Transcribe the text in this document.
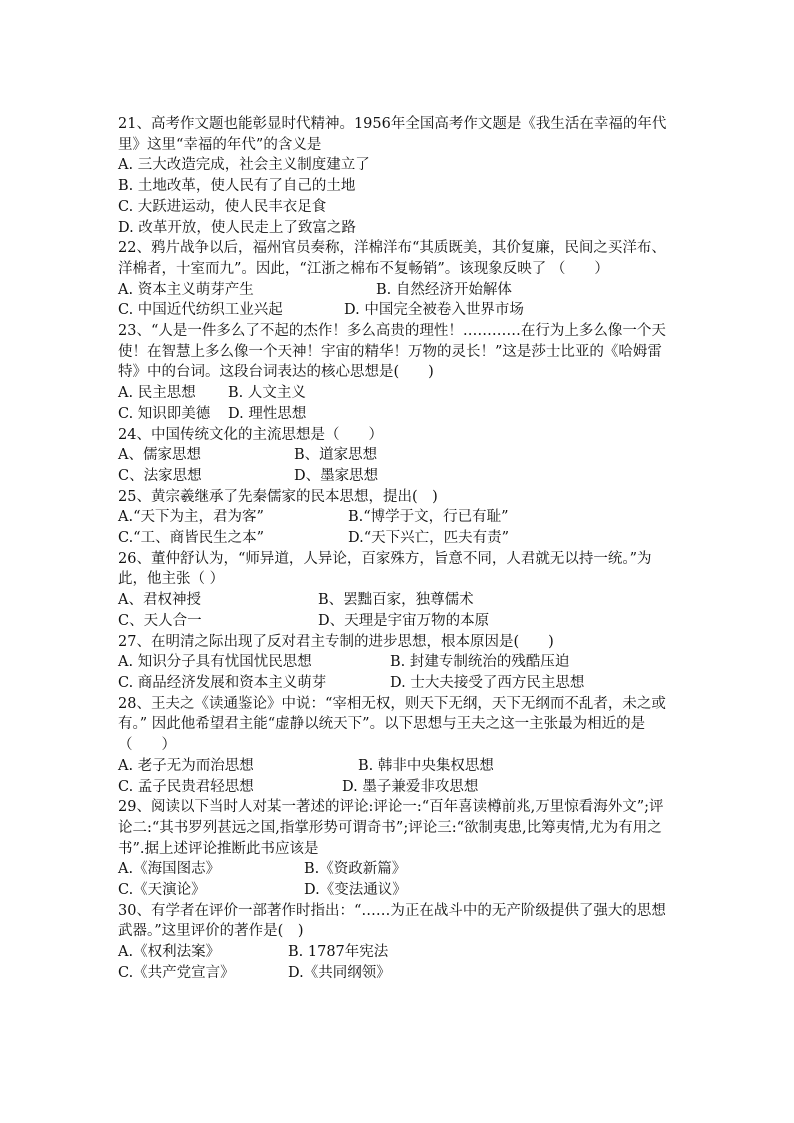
21、高考作文题也能彰显时代精神。1956年全国高考作文题是《我生活在幸福的年代里》这里“幸福的年代”的含义是
A. 三大改造完成，社会主义制度建立了
B. 土地改革，使人民有了自己的土地
C. 大跃进运动，使人民丰衣足食
D. 改革开放，使人民走上了致富之路
22、鸦片战争以后，福州官员奏称，洋棉洋布“其质既美，其价复廉，民间之买洋布、洋棉者，十室而九”。因此，“江浙之棉布不复畅销”。该现象反映了 （　　）
A. 资本主义萌芽产生	B. 自然经济开始解体
C. 中国近代纺织工业兴起	D. 中国完全被卷入世界市场
23、“人是一件多么了不起的杰作！多么高贵的理性！…………在行为上多么像一个天使！在智慧上多么像一个天神！宇宙的精华！万物的灵长！”这是莎士比亚的《哈姆雷特》中的台词。这段台词表达的核心思想是(　　)
A. 民主思想 B. 人文主义
C. 知识即美德 D. 理性思想
24、中国传统文化的主流思想是（　　）
A、儒家思想	B、道家思想
C、法家思想	D、墨家思想
25、黄宗羲继承了先秦儒家的民本思想，提出(　)
A.“天下为主，君为客”	B.“博学于文，行已有耻”
C.“工、商皆民生之本”	D.“天下兴亡，匹夫有责”
26、董仲舒认为，“师异道，人异论，百家殊方，旨意不同，人君就无以持一统。”为此，他主张（ ）
A、君权神授	B、罢黜百家，独尊儒术
C、天人合一	D、天理是宇宙万物的本原
27、在明清之际出现了反对君主专制的进步思想，根本原因是(　　)
A. 知识分子具有忧国忧民思想	B. 封建专制统治的残酷压迫
C. 商品经济发展和资本主义萌芽	D. 士大夫接受了西方民主思想
28、王夫之《读通鉴论》中说：“宰相无权，则天下无纲，天下无纲而不乱者，未之或有。” 因此他希望君主能“虚静以统天下”。以下思想与王夫之这一主张最为相近的是（　　）
A. 老子无为而治思想	B. 韩非中央集权思想
C. 孟子民贵君轻思想	D. 墨子兼爱非攻思想
29、阅读以下当时人对某一著述的评论:评论一:“百年喜读樽前兆,万里惊看海外文”;评论二:“其书罗列甚远之国,指掌形势可谓奇书”;评论三:“欲制夷患,比筹夷情,尤为有用之书”.据上述评论推断此书应该是
A.《海国图志》	B.《资政新篇》
C.《天演论》	D.《变法通议》
30、有学者在评价一部著作时指出：“……为正在战斗中的无产阶级提供了强大的思想武器。”这里评价的著作是(　)
A.《权利法案》	B. 1787年宪法
C.《共产党宣言》	D.《共同纲领》
